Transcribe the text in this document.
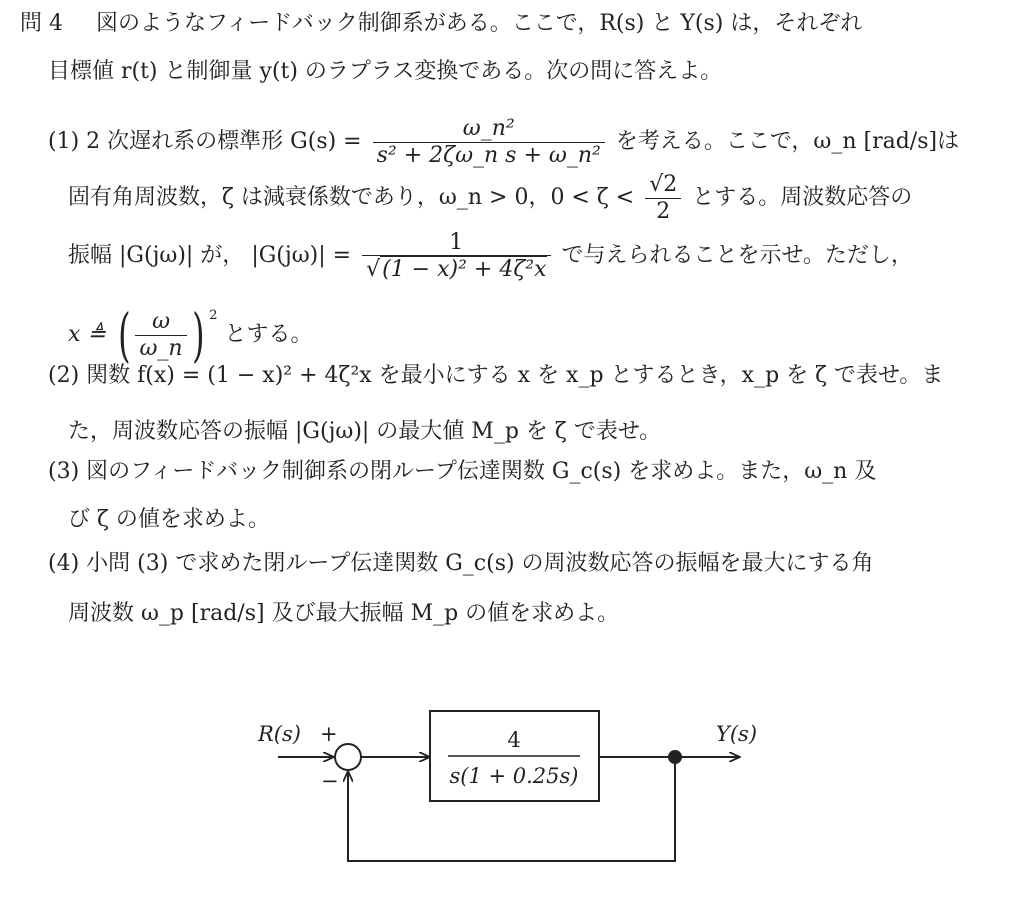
問 4 図のようなフィードバック制御系がある。ここで，R(s) と Y(s) は，それぞれ
目標値 r(t) と制御量 y(t) のラプラス変換である。次の問に答えよ。
(1) 2 次遅れ系の標準形 $G(s) = \frac{\text{ω\_n²}}{\text{s² + 2ζω\_n s + ω\_n²}}$ を考える。ここで，ω_n [rad/s]は
固有角周波数，ζ は減衰係数であり，ω_n > 0，$0 < \zeta < \frac{√2}{2}$ とする。周波数応答の
振幅 |G(jω)| が， $|G(j\omega)| = \frac{1}{\text{√(1 − x)² + 4ζ²x}}$ で与えられることを示せ。ただし，
x ≜ ( $\frac{\omega}{\omega\_n}$ ) $^2$ とする。
(2) 関数 f(x) = (1 − x)² + 4ζ²x を最小にする x を x_p とするとき，x_p を ζ で表せ。ま
た，周波数応答の振幅 |G(jω)| の最大値 M_p を ζ で表せ。
(3) 図のフィードバック制御系の閉ループ伝達関数 G_c(s) を求めよ。また，ω_n 及
び ζ の値を求めよ。
(4) 小問 (3) で求めた閉ループ伝達関数 G_c(s) の周波数応答の振幅を最大にする角
周波数 ω_p [rad/s] 及び最大振幅 M_p の値を求めよ。
4
s(1 + 0.25s)
R(s) +
−
Y(s)
